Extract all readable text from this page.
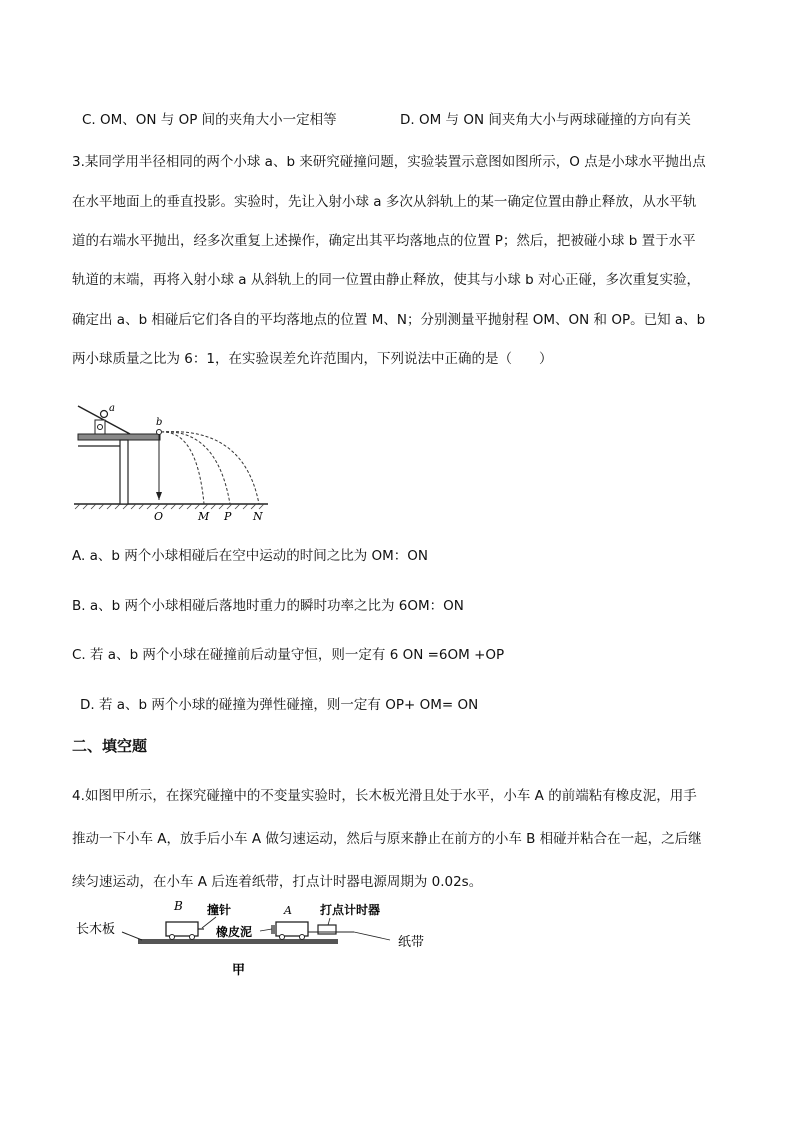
C. OM、ON 与 OP 间的夹角大小一定相等	D. OM 与 ON 间夹角大小与两球碰撞的方向有关
3.某同学用半径相同的两个小球 a、b 来研究碰撞问题，实验装置示意图如图所示，O 点是小球水平抛出点
在水平地面上的垂直投影。实验时，先让入射小球 a 多次从斜轨上的某一确定位置由静止释放，从水平轨
道的右端水平抛出，经多次重复上述操作，确定出其平均落地点的位置 P；然后，把被碰小球 b 置于水平
轨道的末端，再将入射小球 a 从斜轨上的同一位置由静止释放，使其与小球 b 对心正碰，多次重复实验，
确定出 a、b 相碰后它们各自的平均落地点的位置 M、N；分别测量平抛射程 OM、ON 和 OP。已知 a、b
两小球质量之比为 6：1，在实验误差允许范围内，下列说法中正确的是（　　）
a
b
O	M P N
A. a、b 两个小球相碰后在空中运动的时间之比为 OM：ON
B. a、b 两个小球相碰后落地时重力的瞬时功率之比为 6OM：ON
C. 若 a、b 两个小球在碰撞前后动量守恒，则一定有 6 ON =6OM +OP
D. 若 a、b 两个小球的碰撞为弹性碰撞，则一定有 OP+ OM= ON
二、填空题
4.如图甲所示，在探究碰撞中的不变量实验时，长木板光滑且处于水平，小车 A 的前端粘有橡皮泥，用手
推动一下小车 A，放手后小车 A 做匀速运动，然后与原来静止在前方的小车 B 相碰并粘合在一起，之后继
续匀速运动，在小车 A 后连着纸带，打点计时器电源周期为 0.02s。
长木板
B 撞针	A
橡皮泥
打点计时器
纸带
甲
